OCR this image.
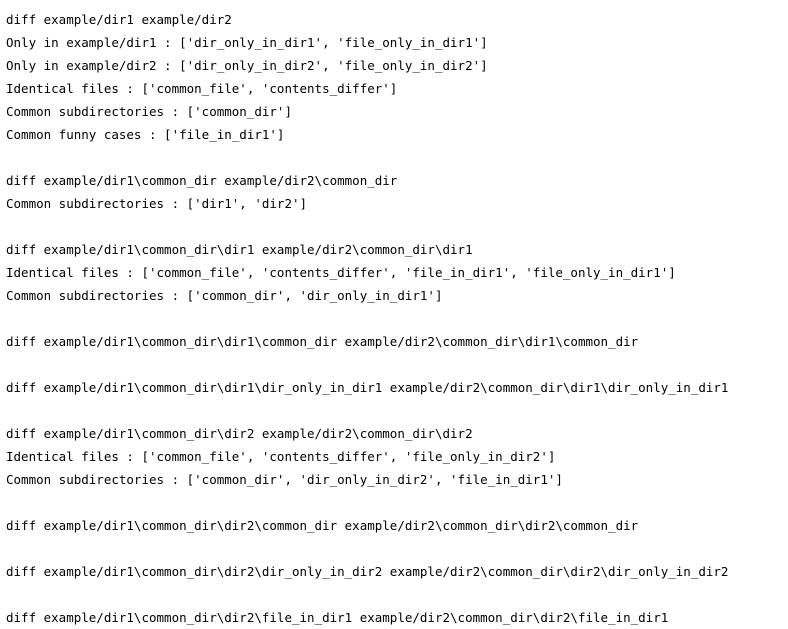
diff example/dir1 example/dir2
Only in example/dir1 : ['dir_only_in_dir1', 'file_only_in_dir1']
Only in example/dir2 : ['dir_only_in_dir2', 'file_only_in_dir2']
Identical files : ['common_file', 'contents_differ']
Common subdirectories : ['common_dir']
Common funny cases : ['file_in_dir1']
diff example/dir1\common_dir example/dir2\common_dir
Common subdirectories : ['dir1', 'dir2']
diff example/dir1\common_dir\dir1 example/dir2\common_dir\dir1
Identical files : ['common_file', 'contents_differ', 'file_in_dir1', 'file_only_in_dir1']
Common subdirectories : ['common_dir', 'dir_only_in_dir1']
diff example/dir1\common_dir\dir1\common_dir example/dir2\common_dir\dir1\common_dir
diff example/dir1\common_dir\dir1\dir_only_in_dir1 example/dir2\common_dir\dir1\dir_only_in_dir1
diff example/dir1\common_dir\dir2 example/dir2\common_dir\dir2
Identical files : ['common_file', 'contents_differ', 'file_only_in_dir2']
Common subdirectories : ['common_dir', 'dir_only_in_dir2', 'file_in_dir1']
diff example/dir1\common_dir\dir2\common_dir example/dir2\common_dir\dir2\common_dir
diff example/dir1\common_dir\dir2\dir_only_in_dir2 example/dir2\common_dir\dir2\dir_only_in_dir2
diff example/dir1\common_dir\dir2\file_in_dir1 example/dir2\common_dir\dir2\file_in_dir1
